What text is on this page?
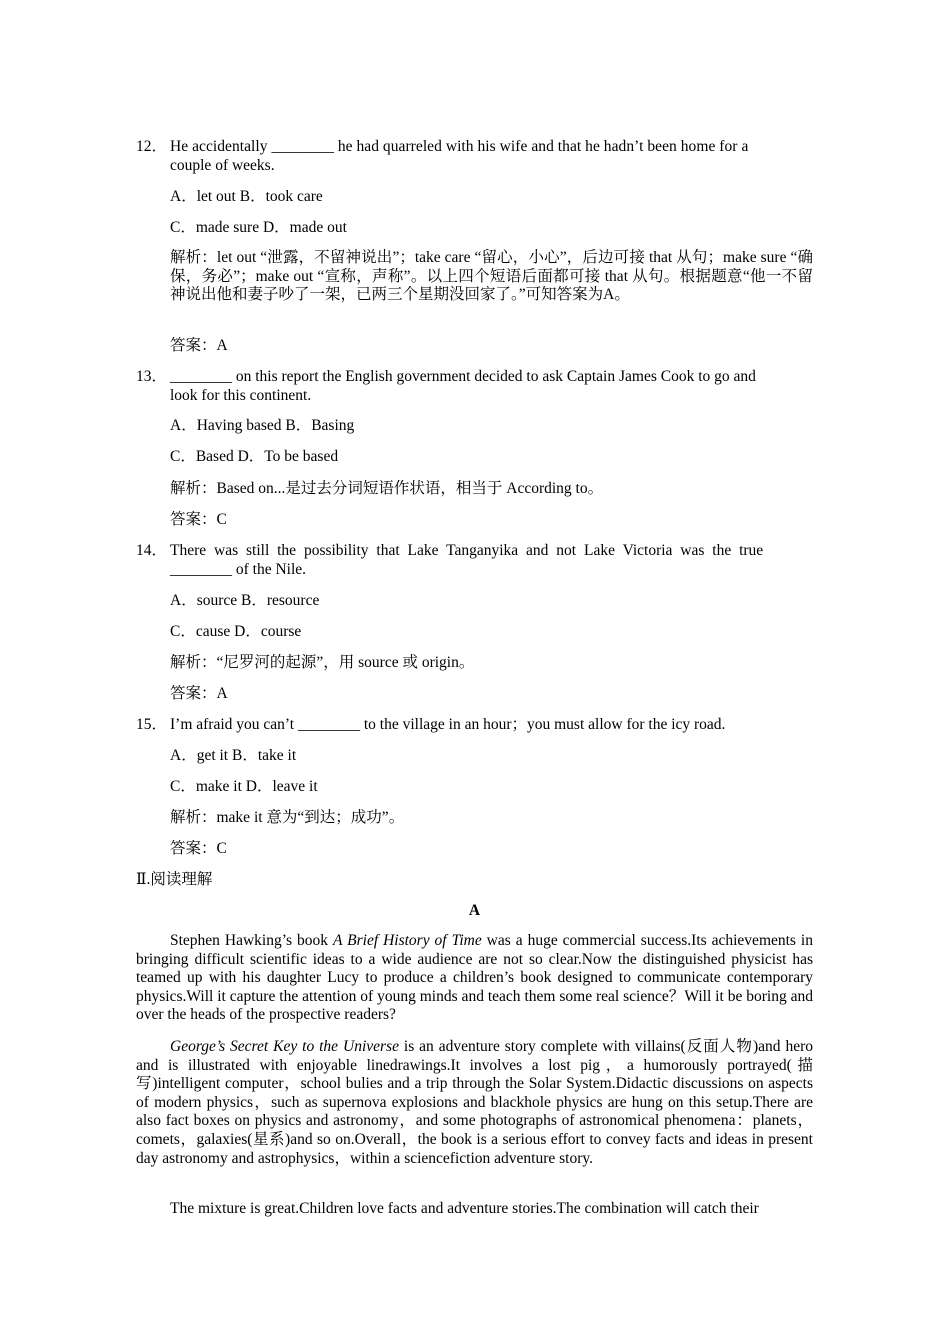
12． He accidentally ________ he had quarreled with his wife and that he hadn’t been home for a
couple of weeks.
A．let out B．took care
C．made sure D．made out
解析：let out “泄露，不留神说出”；take care “留心，小心”，后边可接 that 从句；make sure “确保，务必”；make out “宣称，声称”。以上四个短语后面都可接 that 从句。根据题意“他一不留神说出他和妻子吵了一架，已两三个星期没回家了。”可知答案为A。
答案：A
13． ________ on this report the English government decided to ask Captain James Cook to go and
look for this continent.
A．Having based B．Basing
C．Based D．To be based
解析：Based on...是过去分词短语作状语，相当于 According to。
答案：C
14． There was still the possibility that Lake Tanganyika and not Lake Victoria was the true
________ of the Nile.
A．source B．resource
C．cause D．course
解析：“尼罗河的起源”，用 source 或 origin。
答案：A
15． I’m afraid you can’t ________ to the village in an hour；you must allow for the icy road.
A．get it B．take it
C．make it D．leave it
解析：make it 意为“到达；成功”。
答案：C
Ⅱ.阅读理解
A
Stephen Hawking’s book A Brief History of Time was a huge commercial success.Its achievements in bringing difficult scientific ideas to a wide audience are not so clear.Now the distinguished physicist has teamed up with his daughter Lucy to produce a children’s book designed to communicate contemporary physics.Will it capture the attention of young minds and teach them some real science？Will it be boring and over the heads of the prospective readers?
George’s Secret Key to the Universe is an adventure story complete with villains(反面人物)and hero and is illustrated with enjoyable linedrawings.It involves a lost pig，a humorously portrayed(描写)intelligent computer，school bulies and a trip through the Solar System.Didactic discussions on aspects of modern physics，such as supernova explosions and blackhole physics are hung on this setup.There are also fact boxes on physics and astronomy，and some photographs of astronomical phenomena：planets，comets，galaxies(星系)and so on.Overall，the book is a serious effort to convey facts and ideas in present day astronomy and astrophysics，within a sciencefiction adventure story.
The mixture is great.Children love facts and adventure stories.The combination will catch their
